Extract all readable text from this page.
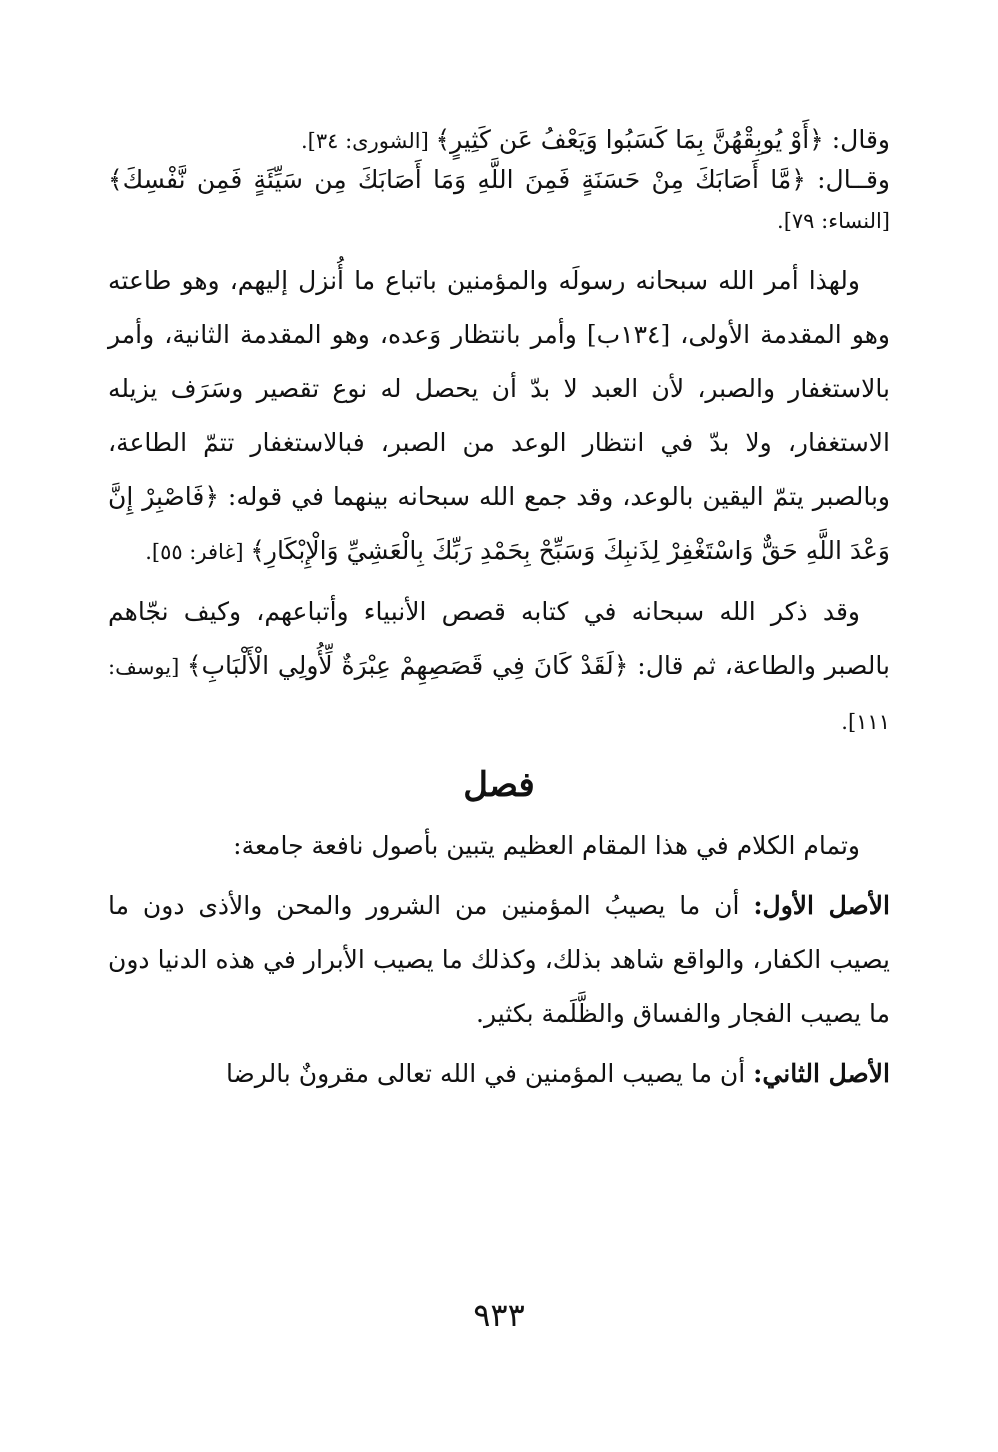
وقال: ﴿أَوْ يُوبِقْهُنَّ بِمَا كَسَبُوا وَيَعْفُ عَن كَثِيرٍ﴾ [الشورى: ٣٤].
وقــال: ﴿مَّا أَصَابَكَ مِنْ حَسَنَةٍ فَمِنَ اللَّهِ وَمَا أَصَابَكَ مِن سَيِّئَةٍ فَمِن نَّفْسِكَ﴾ [النساء: ٧٩].

ولهذا أمر الله سبحانه رسولَه والمؤمنين باتباع ما أُنزل إليهم، وهو طاعته وهو المقدمة الأولى، [١٣٤ب] وأمر بانتظار وَعده، وهو المقدمة الثانية، وأمر بالاستغفار والصبر، لأن العبد لا بدّ أن يحصل له نوع تقصير وسَرَف يزيله الاستغفار، ولا بدّ في انتظار الوعد من الصبر، فبالاستغفار تتمّ الطاعة، وبالصبر يتمّ اليقين بالوعد، وقد جمع الله سبحانه بينهما في قوله: ﴿فَاصْبِرْ إِنَّ وَعْدَ اللَّهِ حَقٌّ وَاسْتَغْفِرْ لِذَنبِكَ وَسَبِّحْ بِحَمْدِ رَبِّكَ بِالْعَشِيِّ وَالْإِبْكَارِ﴾ [غافر: ٥٥].

وقد ذكر الله سبحانه في كتابه قصص الأنبياء وأتباعهم، وكيف نجّاهم بالصبر والطاعة، ثم قال: ﴿لَقَدْ كَانَ فِي قَصَصِهِمْ عِبْرَةٌ لِّأُولِي الْأَلْبَابِ﴾ [يوسف: ١١١].

فصل

وتمام الكلام في هذا المقام العظيم يتبين بأصول نافعة جامعة:

الأصل الأول: أن ما يصيبُ المؤمنين من الشرور والمحن والأذى دون ما يصيب الكفار، والواقع شاهد بذلك، وكذلك ما يصيب الأبرار في هذه الدنيا دون ما يصيب الفجار والفساق والظَّلَمة بكثير.

الأصل الثاني: أن ما يصيب المؤمنين في الله تعالى مقرونٌ بالرضا

٩٣٣
